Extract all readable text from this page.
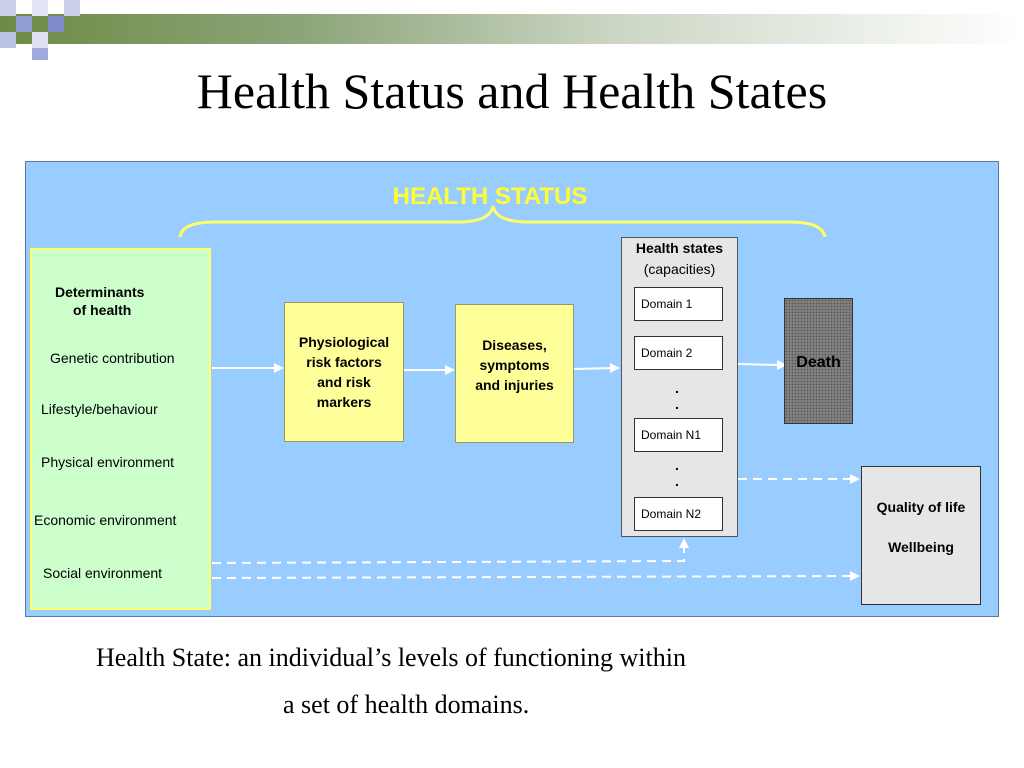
Health Status and Health States
HEALTH STATUS
Determinants
of health
Genetic contribution
Lifestyle/behaviour
Physical environment
Economic environment
Social environment
Physiological
risk factors
and risk
markers
Diseases,
symptoms
and injuries
Health states
(capacities)
Domain 1
Domain 2
.
.
Domain N1
.
.
Domain N2
Death
Quality of life
Wellbeing
Health State: an individual’s levels of functioning within
a set of health domains.
